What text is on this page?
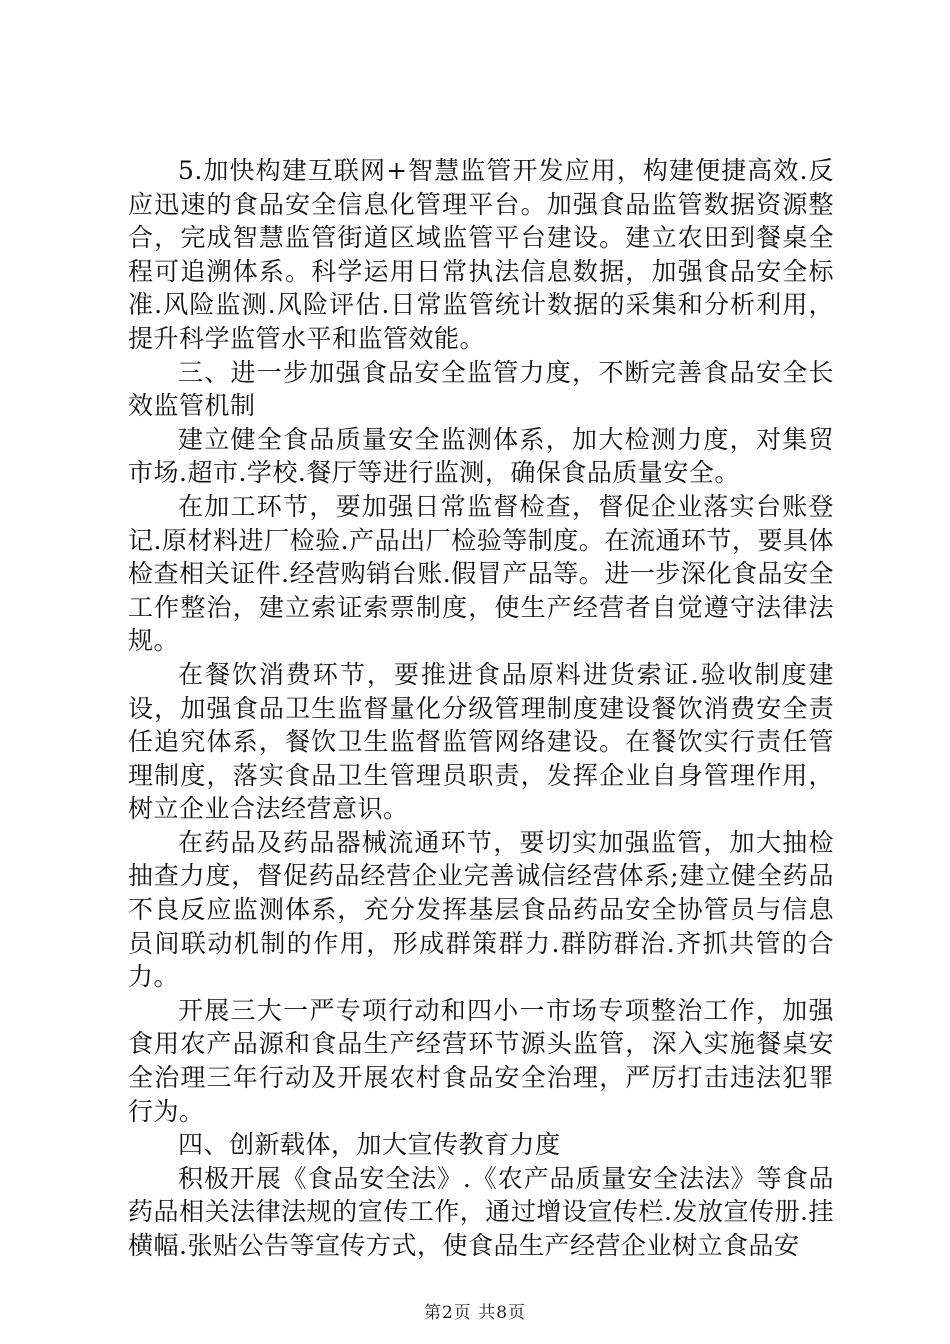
5.加快构建互联网+智慧监管开发应用，构建便捷高效.反应迅速的食品安全信息化管理平台。加强食品监管数据资源整合，完成智慧监管街道区域监管平台建设。建立农田到餐桌全程可追溯体系。科学运用日常执法信息数据，加强食品安全标准.风险监测.风险评估.日常监管统计数据的采集和分析利用，提升科学监管水平和监管效能。

三、进一步加强食品安全监管力度，不断完善食品安全长效监管机制

建立健全食品质量安全监测体系，加大检测力度，对集贸市场.超市.学校.餐厅等进行监测，确保食品质量安全。

在加工环节，要加强日常监督检查，督促企业落实台账登记.原材料进厂检验.产品出厂检验等制度。在流通环节，要具体检查相关证件.经营购销台账.假冒产品等。进一步深化食品安全工作整治，建立索证索票制度，使生产经营者自觉遵守法律法规。

在餐饮消费环节，要推进食品原料进货索证.验收制度建设，加强食品卫生监督量化分级管理制度建设餐饮消费安全责任追究体系，餐饮卫生监督监管网络建设。在餐饮实行责任管理制度，落实食品卫生管理员职责，发挥企业自身管理作用，树立企业合法经营意识。

在药品及药品器械流通环节，要切实加强监管，加大抽检抽查力度，督促药品经营企业完善诚信经营体系;建立健全药品不良反应监测体系，充分发挥基层食品药品安全协管员与信息员间联动机制的作用，形成群策群力.群防群治.齐抓共管的合力。

开展三大一严专项行动和四小一市场专项整治工作，加强食用农产品源和食品生产经营环节源头监管，深入实施餐桌安全治理三年行动及开展农村食品安全治理，严厉打击违法犯罪行为。

四、创新载体，加大宣传教育力度

积极开展《食品安全法》.《农产品质量安全法法》等食品药品相关法律法规的宣传工作，通过增设宣传栏.发放宣传册.挂横幅.张贴公告等宣传方式，使食品生产经营企业树立食品安

第2页 共8页
